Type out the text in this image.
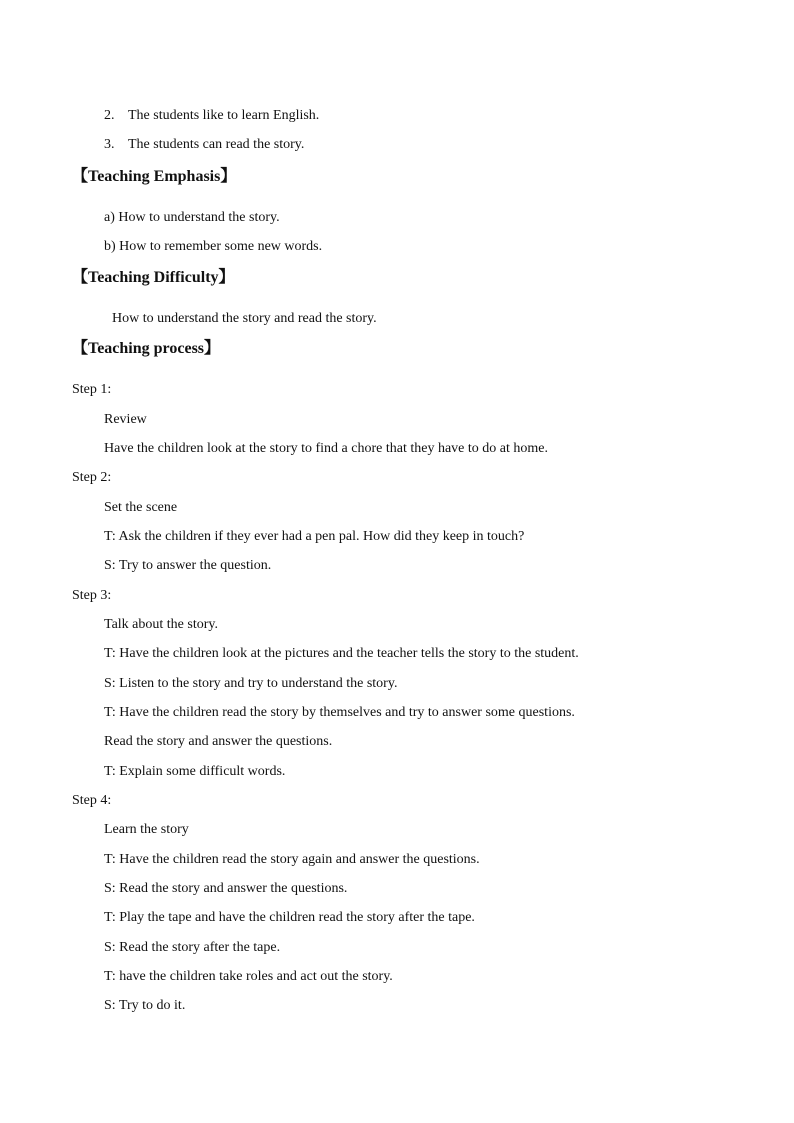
2. The students like to learn English.
3. The students can read the story.
【Teaching Emphasis】
a) How to understand the story.
b) How to remember some new words.
【Teaching Difficulty】
How to understand the story and read the story.
【Teaching process】
Step 1:
Review
Have the children look at the story to find a chore that they have to do at home.
Step 2:
Set the scene
T: Ask the children if they ever had a pen pal. How did they keep in touch?
S: Try to answer the question.
Step 3:
Talk about the story.
T: Have the children look at the pictures and the teacher tells the story to the student.
S: Listen to the story and try to understand the story.
T: Have the children read the story by themselves and try to answer some questions.
Read the story and answer the questions.
T: Explain some difficult words.
Step 4:
Learn the story
T: Have the children read the story again and answer the questions.
S: Read the story and answer the questions.
T: Play the tape and have the children read the story after the tape.
S: Read the story after the tape.
T: have the children take roles and act out the story.
S: Try to do it.
